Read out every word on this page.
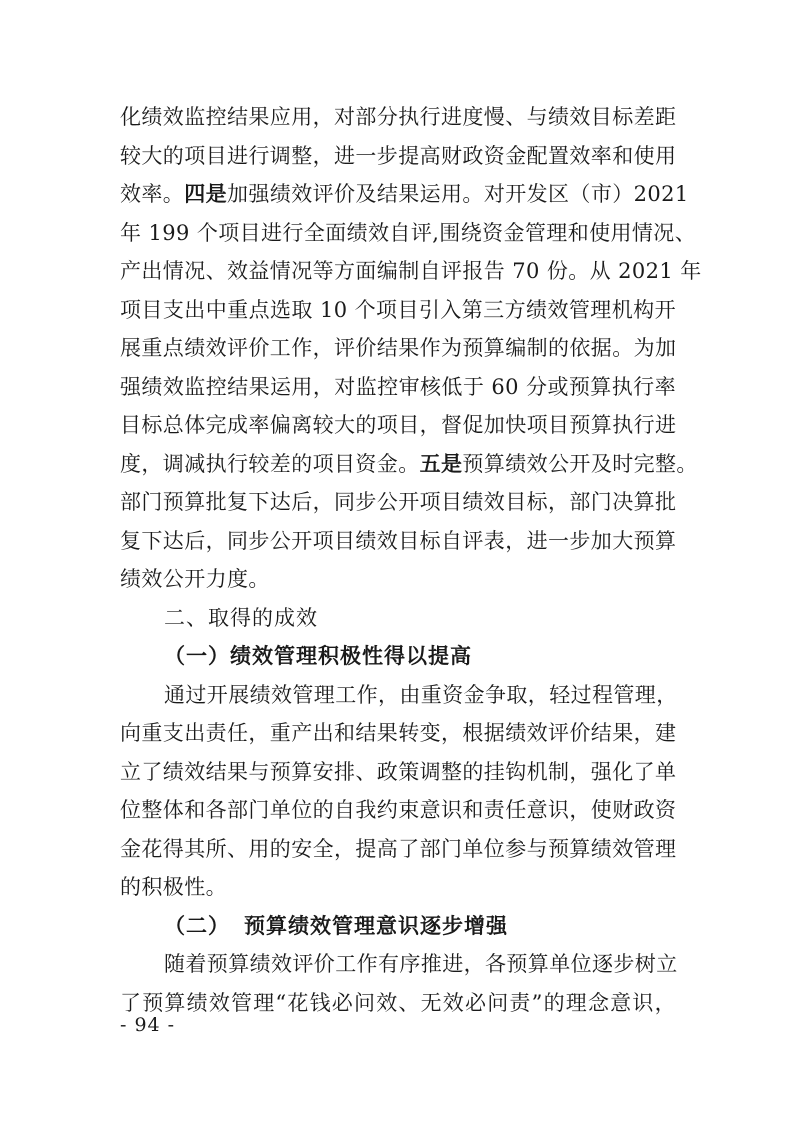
化绩效监控结果应用，对部分执行进度慢、与绩效目标差距
较大的项目进行调整，进一步提高财政资金配置效率和使用
效率。四是加强绩效评价及结果运用。对开发区（市）2021
年 199 个项目进行全面绩效自评,围绕资金管理和使用情况、
产出情况、效益情况等方面编制自评报告 70 份。从 2021 年
项目支出中重点选取 10 个项目引入第三方绩效管理机构开
展重点绩效评价工作，评价结果作为预算编制的依据。为加
强绩效监控结果运用，对监控审核低于 60 分或预算执行率
目标总体完成率偏离较大的项目，督促加快项目预算执行进
度，调减执行较差的项目资金。五是预算绩效公开及时完整。
部门预算批复下达后，同步公开项目绩效目标，部门决算批
复下达后，同步公开项目绩效目标自评表，进一步加大预算
绩效公开力度。
二、取得的成效
（一）绩效管理积极性得以提高
通过开展绩效管理工作，由重资金争取，轻过程管理，
向重支出责任，重产出和结果转变，根据绩效评价结果，建
立了绩效结果与预算安排、政策调整的挂钩机制，强化了单
位整体和各部门单位的自我约束意识和责任意识，使财政资
金花得其所、用的安全，提高了部门单位参与预算绩效管理
的积极性。
（二） 预算绩效管理意识逐步增强
随着预算绩效评价工作有序推进，各预算单位逐步树立
了预算绩效管理“花钱必问效、无效必问责”的理念意识，
- 94 -
